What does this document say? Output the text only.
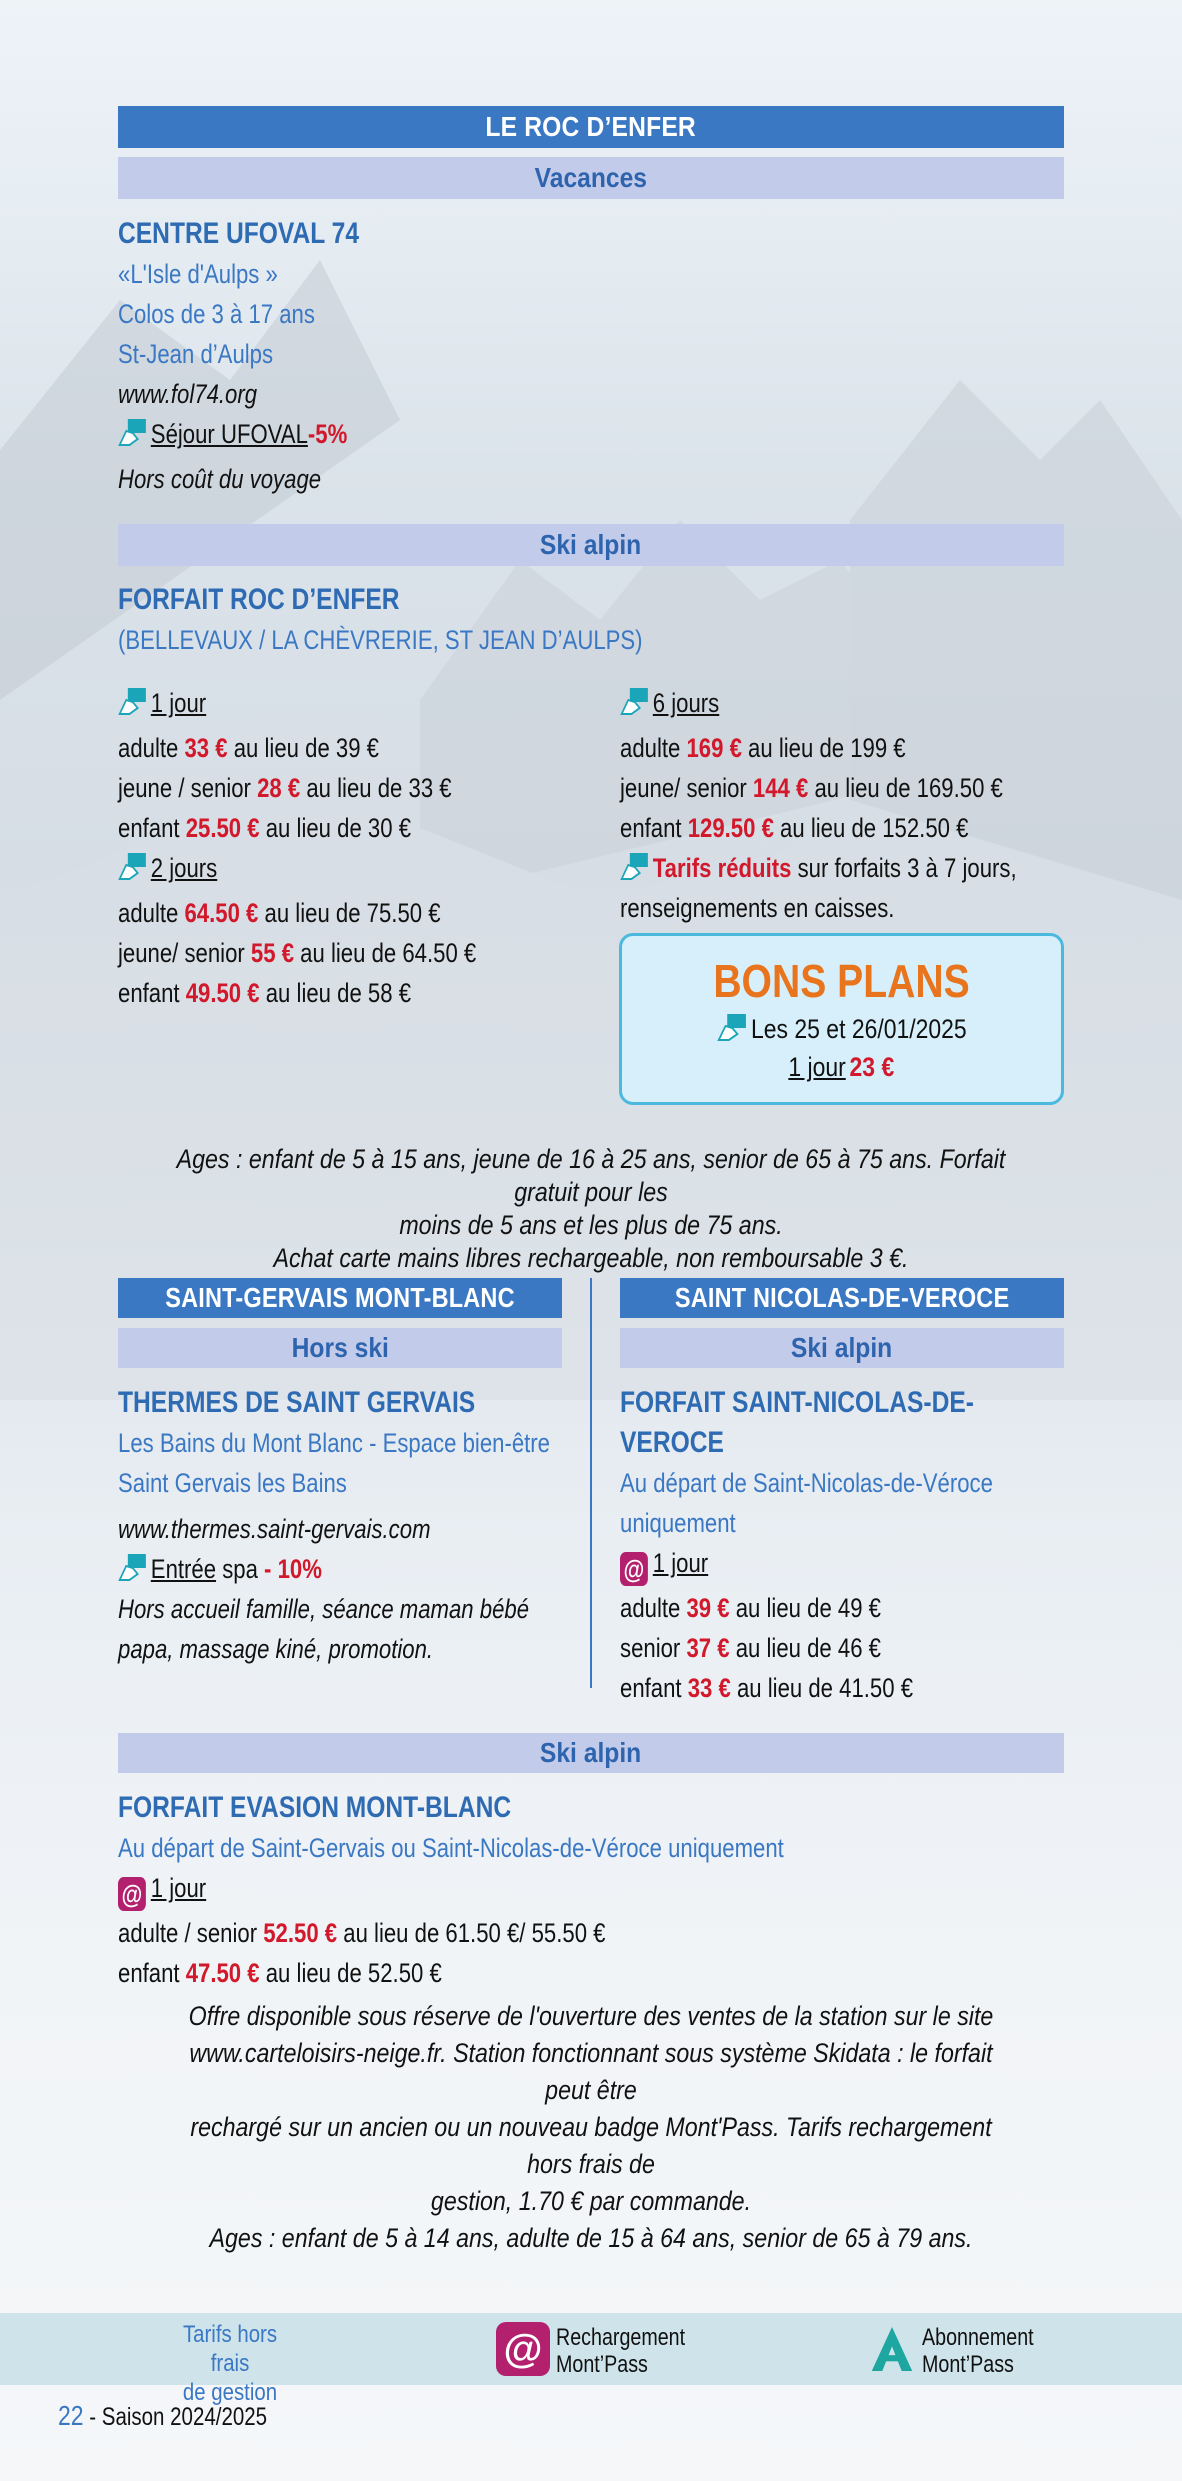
LE ROC D’ENFER
Vacances
CENTRE UFOVAL 74
«L'Isle d'Aulps »
Colos de 3 à 17 ans
St-Jean d’Aulps
www.fol74.org
Séjour UFOVAL-5%
Hors coût du voyage
Ski alpin
FORFAIT ROC D’ENFER
(BELLEVAUX / LA CHÈVRERIE, ST JEAN D’AULPS)
1 jour
adulte 33 € au lieu de 39 €
jeune / senior 28 € au lieu de 33 €
enfant 25.50 € au lieu de 30 €
2 jours
adulte 64.50 € au lieu de 75.50 €
jeune/ senior 55 € au lieu de 64.50 €
enfant 49.50 € au lieu de 58 €
6 jours
adulte 169 € au lieu de 199 €
jeune/ senior 144 € au lieu de 169.50 €
enfant 129.50 € au lieu de 152.50 €
Tarifs réduits sur forfaits 3 à 7 jours,
renseignements en caisses.
BONS PLANS
Les 25 et 26/01/2025
1 jour 23 €
Ages : enfant de 5 à 15 ans, jeune de 16 à 25 ans, senior de 65 à 75 ans. Forfait gratuit pour les
moins de 5 ans et les plus de 75 ans.
Achat carte mains libres rechargeable, non remboursable 3 €.
SAINT-GERVAIS MONT-BLANC
Hors ski
SAINT NICOLAS-DE-VEROCE
Ski alpin
THERMES DE SAINT GERVAIS
Les Bains du Mont Blanc - Espace bien-être
Saint Gervais les Bains
www.thermes.saint-gervais.com
Entrée spa - 10%
Hors accueil famille, séance maman bébé
papa, massage kiné, promotion.
FORFAIT SAINT-NICOLAS-DE-
VEROCE
Au départ de Saint-Nicolas-de-Véroce
uniquement
@ 1 jour
adulte 39 € au lieu de 49 €
senior 37 € au lieu de 46 €
enfant 33 € au lieu de 41.50 €
Ski alpin
FORFAIT EVASION MONT-BLANC
Au départ de Saint-Gervais ou Saint-Nicolas-de-Véroce uniquement
@ 1 jour
adulte / senior 52.50 € au lieu de 61.50 €/ 55.50 €
enfant 47.50 € au lieu de 52.50 €
Offre disponible sous réserve de l'ouverture des ventes de la station sur le site
www.carteloisirs-neige.fr. Station fonctionnant sous système Skidata : le forfait peut être
rechargé sur un ancien ou un nouveau badge Mont'Pass. Tarifs rechargement hors frais de
gestion, 1.70 € par commande.
Ages : enfant de 5 à 14 ans, adulte de 15 à 64 ans, senior de 65 à 79 ans.
Tarifs hors frais
de gestion
@ Rechargement
Mont’Pass
Abonnement
Mont’Pass
22 - Saison 2024/2025
